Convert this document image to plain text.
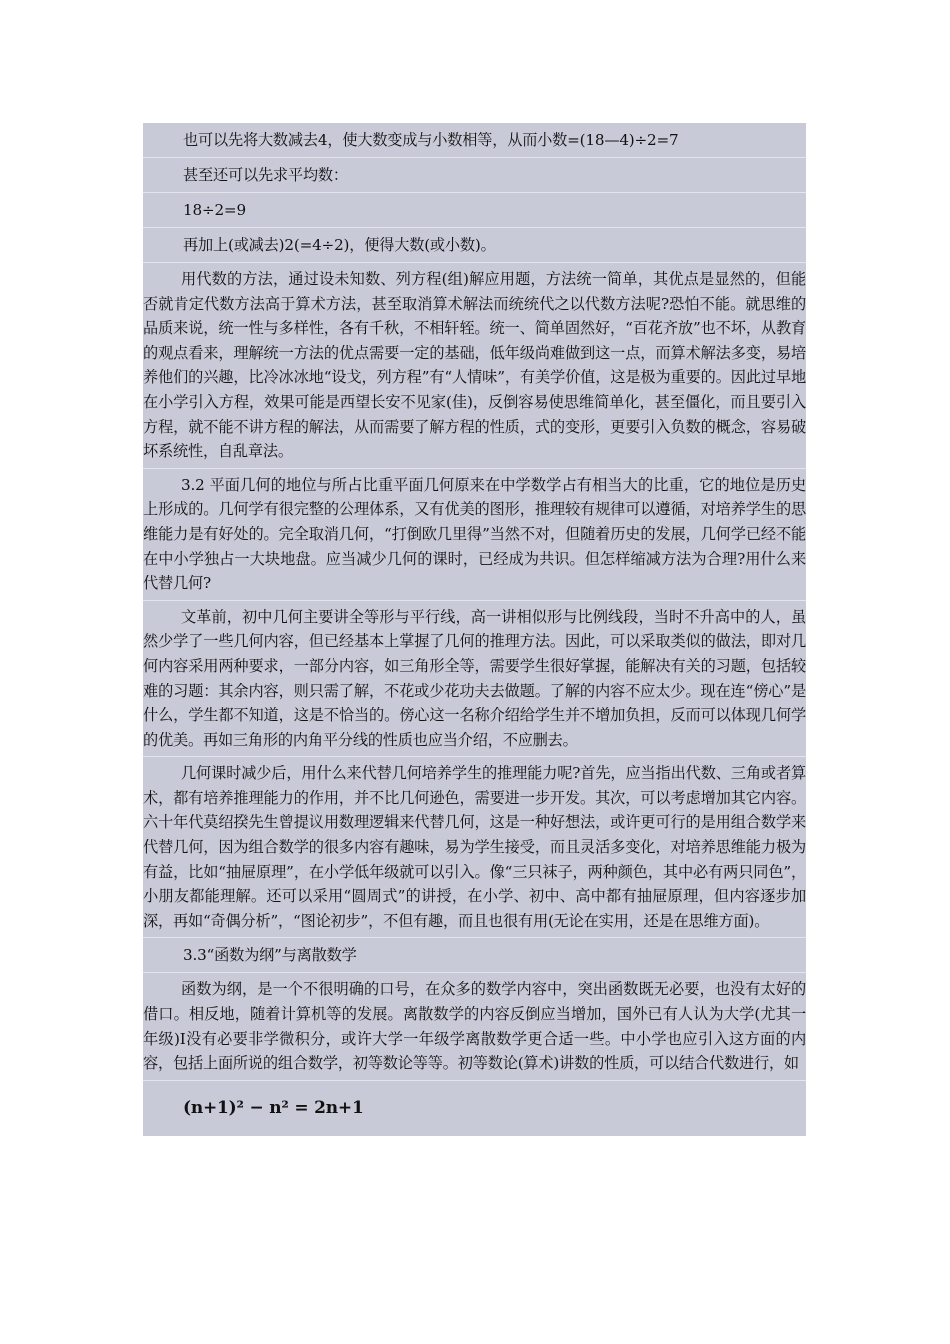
也可以先将大数减去4，使大数变成与小数相等，从而小数=(18—4)÷2=7
甚至还可以先求平均数：
18÷2=9
再加上(或减去)2(=4÷2)，便得大数(或小数)。
用代数的方法，通过设未知数、列方程(组)解应用题，方法统一简单，其优点是显然的，但能否就肯定代数方法高于算术方法，甚至取消算术解法而统统代之以代数方法呢?恐怕不能。就思维的品质来说，统一性与多样性，各有千秋，不相轩轾。统一、简单固然好，“百花齐放”也不坏，从教育的观点看来，理解统一方法的优点需要一定的基础，低年级尚难做到这一点，而算术解法多变，易培养他们的兴趣，比冷冰冰地“设戈，列方程”有“人情味”，有美学价值，这是极为重要的。因此过早地在小学引入方程，效果可能是西望长安不见家(佳)，反倒容易使思维简单化，甚至僵化，而且要引入方程，就不能不讲方程的解法，从而需要了解方程的性质，式的变形，更要引入负数的概念，容易破坏系统性，自乱章法。
3.2 平面几何的地位与所占比重平面几何原来在中学数学占有相当大的比重，它的地位是历史上形成的。几何学有很完整的公理体系，又有优美的图形，推理较有规律可以遵循，对培养学生的思维能力是有好处的。完全取消几何，“打倒欧几里得”当然不对，但随着历史的发展，几何学已经不能在中小学独占一大块地盘。应当减少几何的课时，已经成为共识。但怎样缩减方法为合理?用什么来代替几何?
文革前，初中几何主要讲全等形与平行线，高一讲相似形与比例线段，当时不升高中的人，虽然少学了一些几何内容，但已经基本上掌握了几何的推理方法。因此，可以采取类似的做法，即对几何内容采用两种要求，一部分内容，如三角形全等，需要学生很好掌握，能解决有关的习题，包括较难的习题：其余内容，则只需了解，不花或少花功夫去做题。了解的内容不应太少。现在连“傍心”是什么，学生都不知道，这是不恰当的。傍心这一名称介绍给学生并不增加负担，反而可以体现几何学的优美。再如三角形的内角平分线的性质也应当介绍，不应删去。
几何课时减少后，用什么来代替几何培养学生的推理能力呢?首先，应当指出代数、三角或者算术，都有培养推理能力的作用，并不比几何逊色，需要进一步开发。其次，可以考虑增加其它内容。六十年代莫绍揆先生曾提议用数理逻辑来代替几何，这是一种好想法，或许更可行的是用组合数学来代替几何，因为组合数学的很多内容有趣味，易为学生接受，而且灵活多变化，对培养思维能力极为有益，比如“抽屉原理”，在小学低年级就可以引入。像“三只袜子，两种颜色，其中必有两只同色”，小朋友都能理解。还可以采用“圆周式”的讲授，在小学、初中、高中都有抽屉原理，但内容逐步加深，再如“奇偶分析”，“图论初步”，不但有趣，而且也很有用(无论在实用，还是在思维方面)。
3.3“函数为纲”与离散数学
函数为纲，是一个不很明确的口号，在众多的数学内容中，突出函数既无必要，也没有太好的借口。相反地，随着计算机等的发展。离散数学的内容反倒应当增加，国外已有人认为大学(尤其一年级)I没有必要非学微积分，或许大学一年级学离散数学更合适一些。中小学也应引入这方面的内容，包括上面所说的组合数学，初等数论等等。初等数论(算术)讲数的性质，可以结合代数进行，如
(n+1)² − n² = 2n+1
